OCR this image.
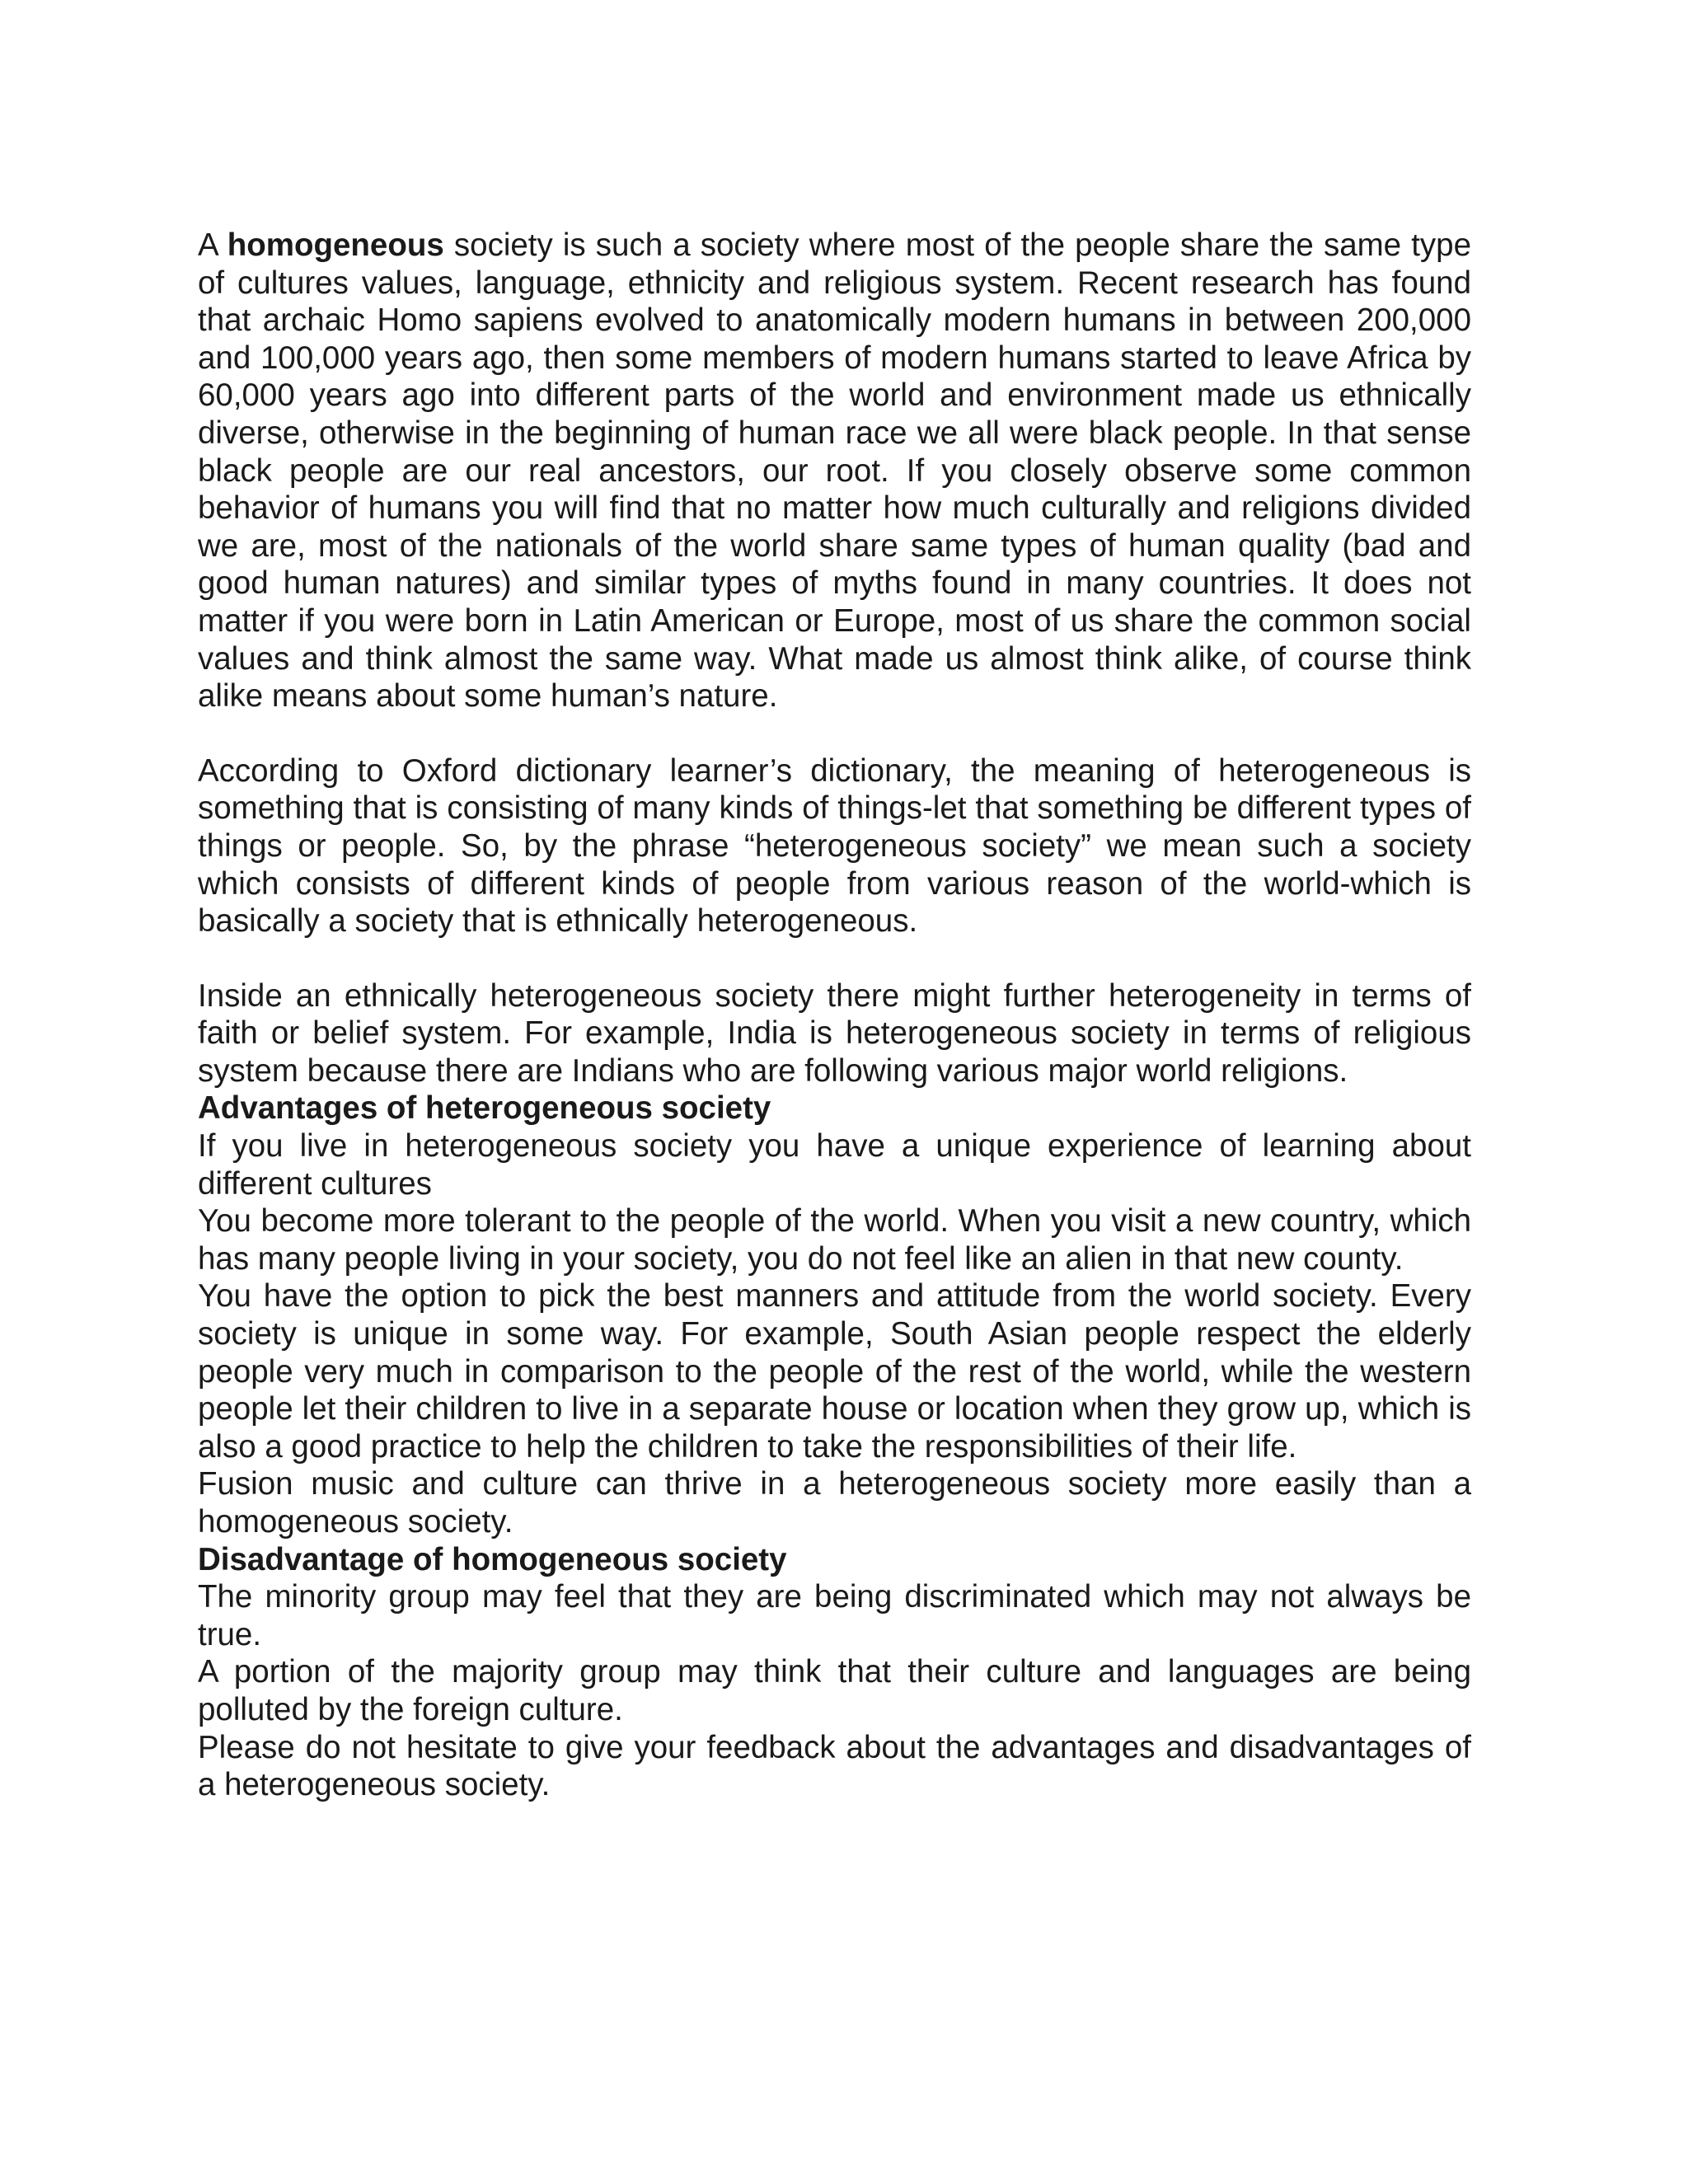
A homogeneous society is such a society where most of the people share the same type of cultures values, language, ethnicity and religious system. Recent research has found that archaic Homo sapiens evolved to anatomically modern humans in between 200,000 and 100,000 years ago, then some members of modern humans started to leave Africa by 60,000 years ago into different parts of the world and environment made us ethnically diverse, otherwise in the beginning of human race we all were black people. In that sense black people are our real ancestors, our root. If you closely observe some common behavior of humans you will find that no matter how much culturally and religions divided we are, most of the nationals of the world share same types of human quality (bad and good human natures) and similar types of myths found in many countries. It does not matter if you were born in Latin American or Europe, most of us share the common social values and think almost the same way. What made us almost think alike, of course think alike means about some human’s nature.

According to Oxford dictionary learner’s dictionary, the meaning of heterogeneous is something that is consisting of many kinds of things-let that something be different types of things or people. So, by the phrase “heterogeneous society” we mean such a society which consists of different kinds of people from various reason of the world-which is basically a society that is ethnically heterogeneous.

Inside an ethnically heterogeneous society there might further heterogeneity in terms of faith or belief system. For example, India is heterogeneous society in terms of religious system because there are Indians who are following various major world religions.

Advantages of heterogeneous society

If you live in heterogeneous society you have a unique experience of learning about different cultures

You become more tolerant to the people of the world. When you visit a new country, which has many people living in your society, you do not feel like an alien in that new county.

You have the option to pick the best manners and attitude from the world society. Every society is unique in some way. For example, South Asian people respect the elderly people very much in comparison to the people of the rest of the world, while the western people let their children to live in a separate house or location when they grow up, which is also a good practice to help the children to take the responsibilities of their life.

Fusion music and culture can thrive in a heterogeneous society more easily than a homogeneous society.

Disadvantage of homogeneous society

The minority group may feel that they are being discriminated which may not always be true.

A portion of the majority group may think that their culture and languages are being polluted by the foreign culture.

Please do not hesitate to give your feedback about the advantages and disadvantages of a heterogeneous society.
